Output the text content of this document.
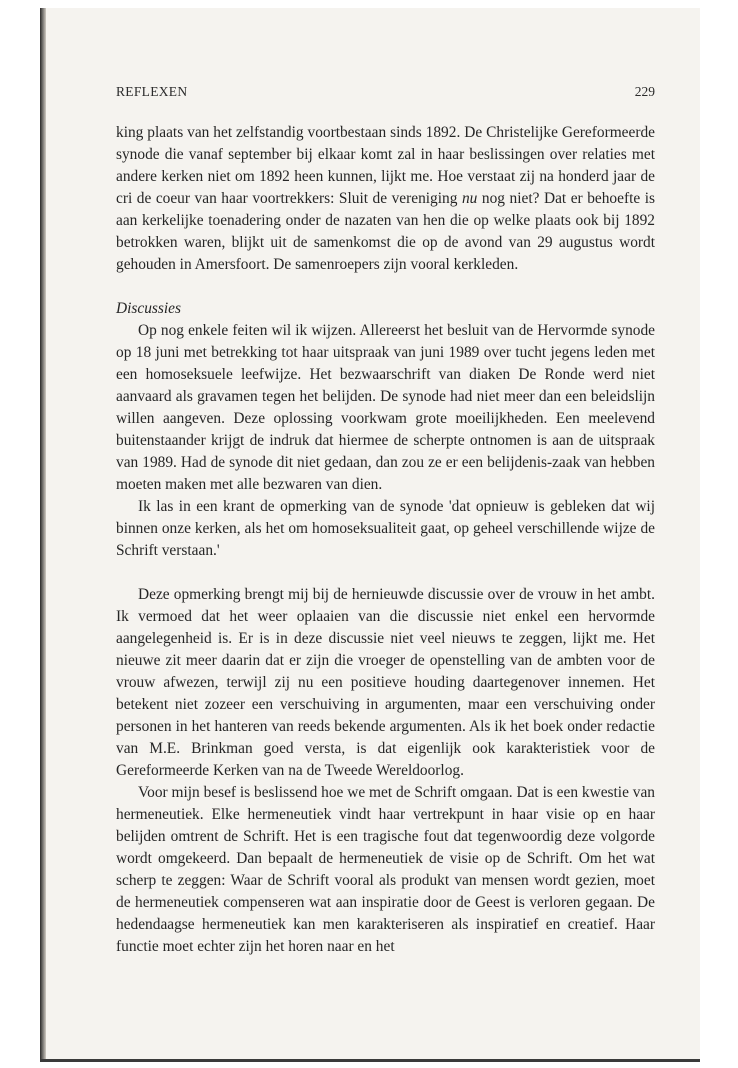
REFLEXEN	229

king plaats van het zelfstandig voortbestaan sinds 1892. De Christelijke Gereformeerde synode die vanaf september bij elkaar komt zal in haar beslissingen over relaties met andere kerken niet om 1892 heen kunnen, lijkt me. Hoe verstaat zij na honderd jaar de cri de coeur van haar voortrekkers: Sluit de vereniging nu nog niet? Dat er behoefte is aan kerkelijke toenadering onder de nazaten van hen die op welke plaats ook bij 1892 betrokken waren, blijkt uit de samenkomst die op de avond van 29 augustus wordt gehouden in Amersfoort. De samenroepers zijn vooral kerkleden.

Discussies

Op nog enkele feiten wil ik wijzen. Allereerst het besluit van de Hervormde synode op 18 juni met betrekking tot haar uitspraak van juni 1989 over tucht jegens leden met een homoseksuele leefwijze. Het bezwaarschrift van diaken De Ronde werd niet aanvaard als gravamen tegen het belijden. De synode had niet meer dan een beleidslijn willen aangeven. Deze oplossing voorkwam grote moeilijkheden. Een meelevend buitenstaander krijgt de indruk dat hiermee de scherpte ontnomen is aan de uitspraak van 1989. Had de synode dit niet gedaan, dan zou ze er een belijdenis-zaak van hebben moeten maken met alle bezwaren van dien.

Ik las in een krant de opmerking van de synode 'dat opnieuw is gebleken dat wij binnen onze kerken, als het om homoseksualiteit gaat, op geheel verschillende wijze de Schrift verstaan.'

Deze opmerking brengt mij bij de hernieuwde discussie over de vrouw in het ambt. Ik vermoed dat het weer oplaaien van die discussie niet enkel een hervormde aangelegenheid is. Er is in deze discussie niet veel nieuws te zeggen, lijkt me. Het nieuwe zit meer daarin dat er zijn die vroeger de openstelling van de ambten voor de vrouw afwezen, terwijl zij nu een positieve houding daartegenover innemen. Het betekent niet zozeer een verschuiving in argumenten, maar een verschuiving onder personen in het hanteren van reeds bekende argumenten. Als ik het boek onder redactie van M.E. Brinkman goed versta, is dat eigenlijk ook karakteristiek voor de Gereformeerde Kerken van na de Tweede Wereldoorlog.

Voor mijn besef is beslissend hoe we met de Schrift omgaan. Dat is een kwestie van hermeneutiek. Elke hermeneutiek vindt haar vertrekpunt in haar visie op en haar belijden omtrent de Schrift. Het is een tragische fout dat tegenwoordig deze volgorde wordt omgekeerd. Dan bepaalt de hermeneutiek de visie op de Schrift. Om het wat scherp te zeggen: Waar de Schrift vooral als produkt van mensen wordt gezien, moet de hermeneutiek compenseren wat aan inspiratie door de Geest is verloren gegaan. De hedendaagse hermeneutiek kan men karakteriseren als inspiratief en creatief. Haar functie moet echter zijn het horen naar en het
